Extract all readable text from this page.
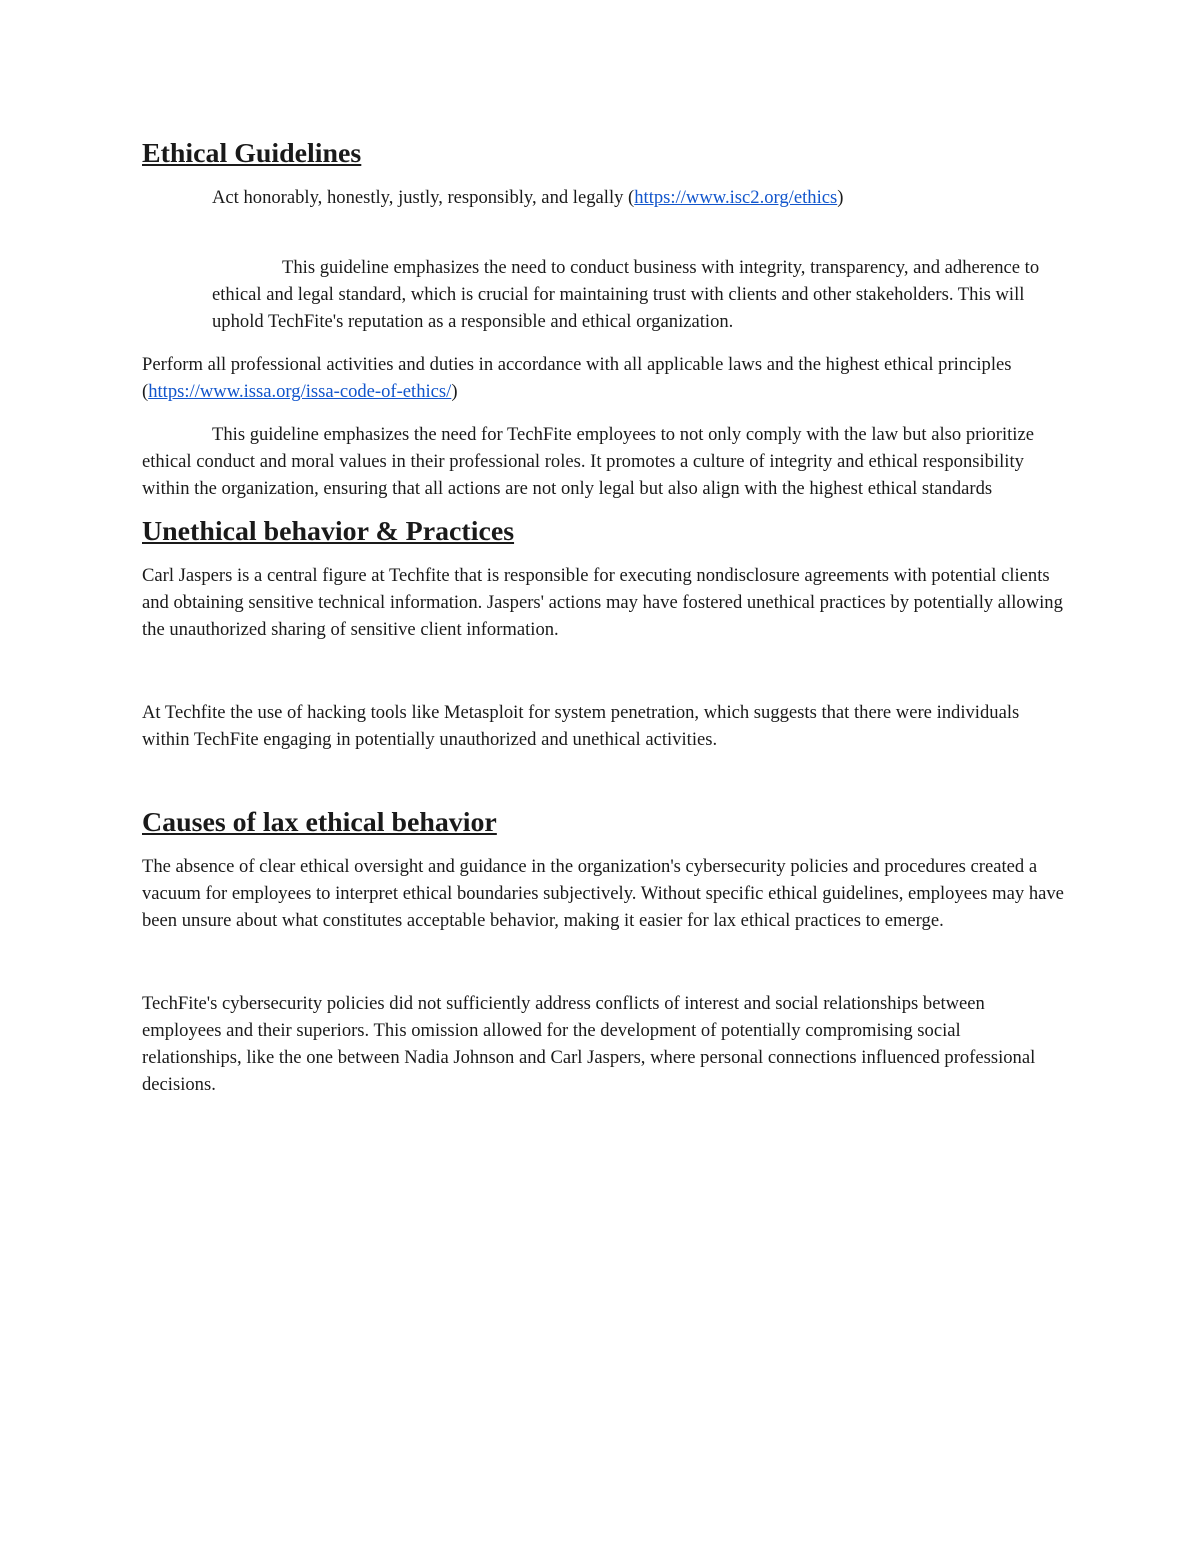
Ethical Guidelines

Act honorably, honestly, justly, responsibly, and legally (https://www.isc2.org/ethics)

This guideline emphasizes the need to conduct business with integrity, transparency, and adherence to ethical and legal standard, which is crucial for maintaining trust with clients and other stakeholders. This will uphold TechFite's reputation as a responsible and ethical organization.

Perform all professional activities and duties in accordance with all applicable laws and the highest ethical principles (https://www.issa.org/issa-code-of-ethics/)

This guideline emphasizes the need for TechFite employees to not only comply with the law but also prioritize ethical conduct and moral values in their professional roles. It promotes a culture of integrity and ethical responsibility within the organization, ensuring that all actions are not only legal but also align with the highest ethical standards

Unethical behavior & Practices

Carl Jaspers is a central figure at Techfite that is responsible for executing nondisclosure agreements with potential clients and obtaining sensitive technical information. Jaspers' actions may have fostered unethical practices by potentially allowing the unauthorized sharing of sensitive client information.

At Techfite the use of hacking tools like Metasploit for system penetration, which suggests that there were individuals within TechFite engaging in potentially unauthorized and unethical activities.

Causes of lax ethical behavior

The absence of clear ethical oversight and guidance in the organization's cybersecurity policies and procedures created a vacuum for employees to interpret ethical boundaries subjectively. Without specific ethical guidelines, employees may have been unsure about what constitutes acceptable behavior, making it easier for lax ethical practices to emerge.

TechFite's cybersecurity policies did not sufficiently address conflicts of interest and social relationships between employees and their superiors. This omission allowed for the development of potentially compromising social relationships, like the one between Nadia Johnson and Carl Jaspers, where personal connections influenced professional decisions.
